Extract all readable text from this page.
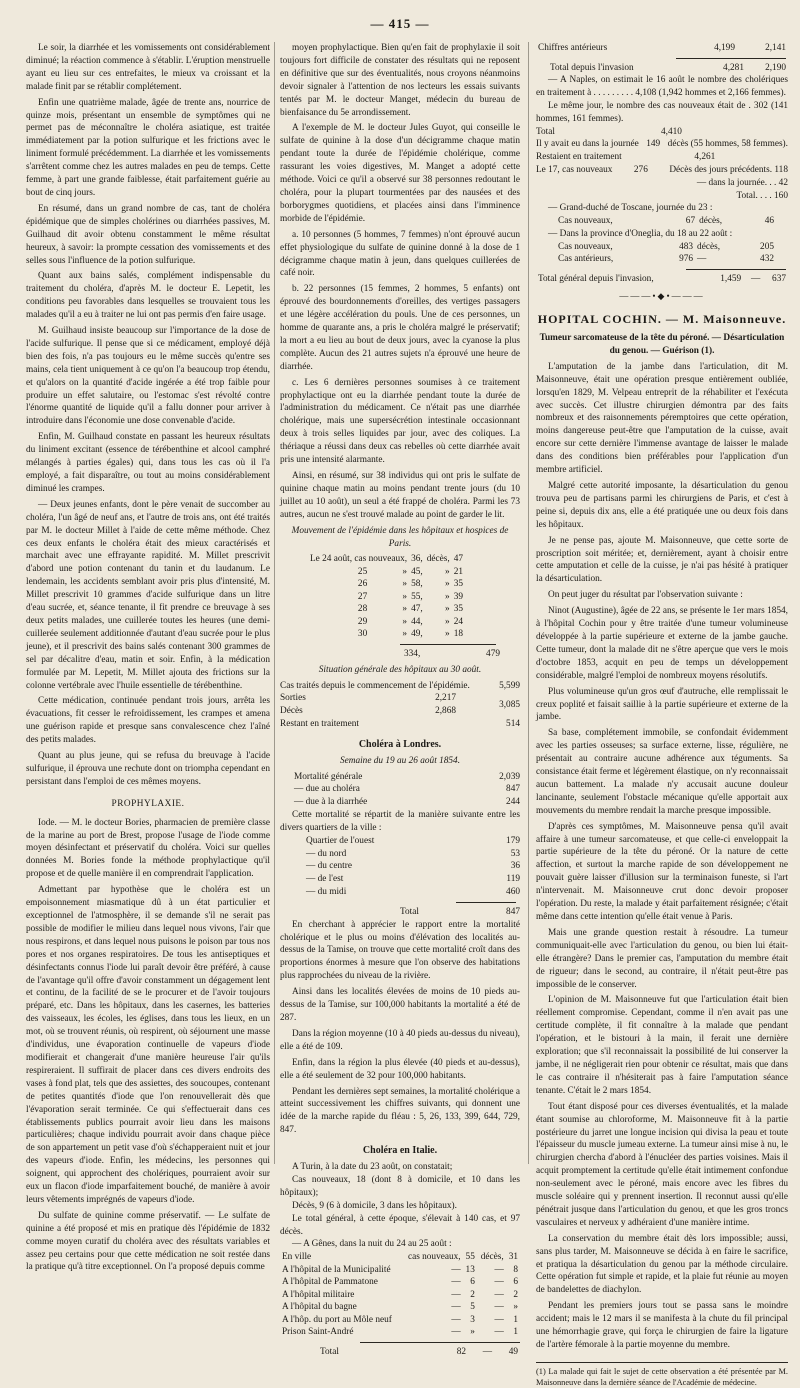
— 415 —

Le soir, la diarrhée et les vomissements ont considérablement diminué; la réaction commence à s'établir. L'éruption menstruelle ayant eu lieu sur ces entrefaites, le mieux va croissant et la malade finit par se rétablir complétement.

Enfin une quatrième malade, âgée de trente ans, nourrice de quinze mois, présentant un ensemble de symptômes qui ne permet pas de méconnaître le choléra asiatique, est traitée immédiatement par la potion sulfurique et les frictions avec le liniment formulé précédemment. La diarrhée et les vomissements s'arrêtent comme chez les autres malades en peu de temps. Cette femme, à part une grande faiblesse, était parfaitement guérie au bout de cinq jours.

En résumé, dans un grand nombre de cas, tant de choléra épidémique que de simples cholérines ou diarrhées passives, M. Guilhaud dit avoir obtenu constamment le même résultat heureux, à savoir: la prompte cessation des vomissements et des selles sous l'influence de la potion sulfurique.

Quant aux bains salés, complément indispensable du traitement du choléra, d'après M. le docteur E. Lepetit, les conditions peu favorables dans lesquelles se trouvaient tous les malades qu'il a eu à traiter ne lui ont pas permis d'en faire usage.

M. Guilhaud insiste beaucoup sur l'importance de la dose de l'acide sulfurique. Il pense que si ce médicament, employé déjà bien des fois, n'a pas toujours eu le même succès qu'entre ses mains, cela tient uniquement à ce qu'on l'a beaucoup trop étendu, et qu'alors on la quantité d'acide ingérée a été trop faible pour produire un effet salutaire, ou l'estomac s'est révolté contre l'énorme quantité de liquide qu'il a fallu donner pour arriver à introduire dans l'économie une dose convenable d'acide.

Enfin, M. Guilhaud constate en passant les heureux résultats du liniment excitant (essence de térébenthine et alcool camphré mélangés à parties égales) qui, dans tous les cas où il l'a employé, a fait disparaître, ou tout au moins considérablement diminué les crampes.

— Deux jeunes enfants, dont le père venait de succomber au choléra, l'un âgé de neuf ans, et l'autre de trois ans, ont été traités par M. le docteur Millet à l'aide de cette même méthode. Chez ces deux enfants le choléra était des mieux caractérisés et marchait avec une effrayante rapidité. M. Millet prescrivit d'abord une potion contenant du tanin et du laudanum. Le lendemain, les accidents semblant avoir pris plus d'intensité, M. Millet prescrivit 10 grammes d'acide sulfurique dans un litre d'eau sucrée, et, séance tenante, il fit prendre ce breuvage à ses deux petits malades, une cuillerée toutes les heures (une demi-cuillerée seulement additionnée d'autant d'eau sucrée pour le plus jeune), et il prescrivit des bains salés contenant 300 grammes de sel par décalitre d'eau, matin et soir. Enfin, à la médication formulée par M. Lepetit, M. Millet ajouta des frictions sur la colonne vertébrale avec l'huile essentielle de térébenthine.

Cette médication, continuée pendant trois jours, arrêta les évacuations, fit cesser le refroidissement, les crampes et amena une guérison rapide et presque sans convalescence chez l'aîné des petits malades.

Quant au plus jeune, qui se refusa du breuvage à l'acide sulfurique, il éprouva une rechute dont on triompha cependant en persistant dans l'emploi de ces mêmes moyens.

PROPHYLAXIE.

Iode. — M. le docteur Bories, pharmacien de première classe de la marine au port de Brest, propose l'usage de l'iode comme moyen désinfectant et préservatif du choléra. Voici sur quelles données M. Bories fonde la méthode prophylactique qu'il propose et de quelle manière il en comprendrait l'application.

Admettant par hypothèse que le choléra est un empoisonnement miasmatique dû à un état particulier et exceptionnel de l'atmosphère, il se demande s'il ne serait pas possible de modifier le milieu dans lequel nous vivons, l'air que nous respirons, et dans lequel nous puisons le poison par tous nos pores et nos organes respiratoires. De tous les antiseptiques et désinfectants connus l'iode lui paraît devoir être préféré, à cause de l'avantage qu'il offre d'avoir constamment un dégagement lent et continu, de la facilité de se le procurer et de l'avoir toujours préparé, etc. Dans les hôpitaux, dans les casernes, les batteries des vaisseaux, les écoles, les églises, dans tous les lieux, en un mot, où se trouvent réunis, où respirent, où séjournent une masse d'individus, une évaporation continuelle de vapeurs d'iode modifierait et changerait d'une manière heureuse l'air qu'ils respireraient. Il suffirait de placer dans ces divers endroits des vases à fond plat, tels que des assiettes, des soucoupes, contenant de petites quantités d'iode que l'on renouvellerait dès que l'évaporation serait terminée. Ce qui s'effectuerait dans ces établissements publics pourrait avoir lieu dans les maisons particulières; chaque individu pourrait avoir dans chaque pièce de son appartement un petit vase d'où s'échapperaient nuit et jour des vapeurs d'iode. Enfin, les médecins, les personnes qui soignent, qui approchent des cholériques, pourraient avoir sur eux un flacon d'iode imparfaitement bouché, de manière à avoir leurs vêtements imprégnés de vapeurs d'iode.

Du sulfate de quinine comme préservatif. — Le sulfate de quinine a été proposé et mis en pratique dès l'épidémie de 1832 comme moyen curatif du choléra avec des résultats variables et assez peu certains pour que cette médication ne soit restée dans la pratique qu'à titre exceptionnel. On l'a proposé depuis comme

moyen prophylactique. Bien qu'en fait de prophylaxie il soit toujours fort difficile de constater des résultats qui ne reposent en définitive que sur des éventualités, nous croyons néanmoins devoir signaler à l'attention de nos lecteurs les essais suivants tentés par M. le docteur Manget, médecin du bureau de bienfaisance du 5e arrondissement.

A l'exemple de M. le docteur Jules Guyot, qui conseille le sulfate de quinine à la dose d'un décigramme chaque matin pendant toute la durée de l'épidémie cholérique, comme rassurant les voies digestives, M. Manget a adopté cette méthode. Voici ce qu'il a observé sur 38 personnes redoutant le choléra, pour la plupart tourmentées par des nausées et des borborygmes quotidiens, et placées ainsi dans l'imminence morbide de l'épidémie.

a. 10 personnes (5 hommes, 7 femmes) n'ont éprouvé aucun effet physiologique du sulfate de quinine donné à la dose de 1 décigramme chaque matin à jeun, dans quelques cuillerées de café noir.

b. 22 personnes (15 femmes, 2 hommes, 5 enfants) ont éprouvé des bourdonnements d'oreilles, des vertiges passagers et une légère accélération du pouls. Une de ces personnes, un homme de quarante ans, a pris le choléra malgré le préservatif; la mort a eu lieu au bout de deux jours, avec la cyanose la plus complète. Aucun des 21 autres sujets n'a éprouvé une heure de diarrhée.

c. Les 6 dernières personnes soumises à ce traitement prophylactique ont eu la diarrhée pendant toute la durée de l'administration du médicament. Ce n'était pas une diarrhée cholérique, mais une supersécrétion intestinale occasionnant deux à trois selles liquides par jour, avec des coliques. La thériaque a réussi dans deux cas rebelles où cette diarrhée avait pris une intensité alarmante.

Ainsi, en résumé, sur 38 individus qui ont pris le sulfate de quinine chaque matin au moins pendant trente jours (du 10 juillet au 10 août), un seul a été frappé de choléra. Parmi les 73 autres, aucun ne s'est trouvé malade au point de garder le lit.

Mouvement de l'épidémie dans les hôpitaux et hospices de Paris.
Le 24 août, cas nouveaux,		36,	décès,	47
25	»	45,	»	21
26	»	58,	»	35
27	»	55,	»	39
28	»	47,	»	35
29	»	44,	»	24
30	»	49,	»	18
334,	479
Situation générale des hôpitaux au 30 août.
Cas traités depuis le commencement de l'épidémie.	5,599
Sorties	2,217
Décès	2,868
3,085
Restant en traitement	514
Choléra à Londres.
Semaine du 19 au 26 août 1854.
Mortalité générale	2,039
— due au choléra	847
— due à la diarrhée	244

Cette mortalité se répartit de la manière suivante entre les divers quartiers de la ville :

Quartier de l'ouest	179
— du nord	53
— du centre	36
— de l'est	119
— du midi	460
Total	847

En cherchant à apprécier le rapport entre la mortalité cholérique et le plus ou moins d'élévation des localités au-dessus de la Tamise, on trouve que cette mortalité croît dans des proportions énormes à mesure que l'on observe des habitations plus rapprochées du niveau de la rivière.

Ainsi dans les localités élevées de moins de 10 pieds au-dessus de la Tamise, sur 100,000 habitants la mortalité a été de 287.

Dans la région moyenne (10 à 40 pieds au-dessus du niveau), elle a été de 109.

Enfin, dans la région la plus élevée (40 pieds et au-dessus), elle a été seulement de 32 pour 100,000 habitants.

Pendant les dernières sept semaines, la mortalité cholérique a atteint successivement les chiffres suivants, qui donnent une idée de la marche rapide du fléau : 5, 26, 133, 399, 644, 729, 847.

Choléra en Italie.

A Turin, à la date du 23 août, on constatait;

Cas nouveaux, 18 (dont 8 à domicile, et 10 dans les hôpitaux);

Décès, 9 (6 à domicile, 3 dans les hôpitaux).

Le total général, à cette époque, s'élevait à 140 cas, et 97 décès.

— A Gênes, dans la nuit du 24 au 25 août :

En ville	cas nouveaux,	55	décès,	31
A l'hôpital de la Municipalité	—	13	—	8
A l'hôpital de Pammatone	—	6	—	6
A l'hôpital militaire	—	2	—	2
A l'hôpital du bagne	—	5	—	»
A l'hôp. du port au Môle neuf	—	3	—	1
Prison Saint-André	—	»	—	1
Total	82	—	49
Chiffres antérieurs	4,199	2,141
Total depuis l'invasion	4,281	2,190

— A Naples, on estimait le 16 août le nombre des cholériques en traitement à . . . . . . . . . 4,108 (1,942 hommes et 2,166 femmes).

Le même jour, le nombre des cas nouveaux était de . 302 (141 hommes, 161 femmes).

Total	4,410
Il y avait eu dans la journée 149 décès (55 hommes, 58 femmes).
Restaient en traitement	4,261
Le 17, cas nouveaux 276 Décès des jours précédents. 118
— dans la journée. . . 42
Total. . . . 160

— Grand-duché de Toscane, journée du 23 :

Cas nouveaux,	67	décès,	46

— Dans la province d'Oneglia, du 18 au 22 août :

Cas nouveaux,	483	décès,	205
Cas antérieurs,	976	—	432
Total général depuis l'invasion,	1,459	—	637
———•◆•———
HOPITAL COCHIN. — M. Maisonneuve.

Tumeur sarcomateuse de la tête du péroné. — Désarticulation du genou. — Guérison (1).

L'amputation de la jambe dans l'articulation, dit M. Maisonneuve, était une opération presque entièrement oubliée, lorsqu'en 1829, M. Velpeau entreprit de la réhabiliter et l'exécuta avec succès. Cet illustre chirurgien démontra par des faits nombreux et des raisonnements péremptoires que cette opération, moins dangereuse peut-être que l'amputation de la cuisse, avait encore sur cette dernière l'immense avantage de laisser le malade dans des conditions bien préférables pour l'application d'un membre artificiel.

Malgré cette autorité imposante, la désarticulation du genou trouva peu de partisans parmi les chirurgiens de Paris, et c'est à peine si, depuis dix ans, elle a été pratiquée une ou deux fois dans les hôpitaux.

Je ne pense pas, ajoute M. Maisonneuve, que cette sorte de proscription soit méritée; et, dernièrement, ayant à choisir entre cette amputation et celle de la cuisse, je n'ai pas hésité à pratiquer la désarticulation.

On peut juger du résultat par l'observation suivante :

Ninot (Augustine), âgée de 22 ans, se présente le 1er mars 1854, à l'hôpital Cochin pour y être traitée d'une tumeur volumineuse développée à la partie supérieure et externe de la jambe gauche. Cette tumeur, dont la malade dit ne s'être aperçue que vers le mois d'octobre 1853, acquit en peu de temps un développement considérable, malgré l'emploi de nombreux moyens résolutifs.

Plus volumineuse qu'un gros œuf d'autruche, elle remplissait le creux poplité et faisait saillie à la partie supérieure et externe de la jambe.

Sa base, complétement immobile, se confondait évidemment avec les parties osseuses; sa surface externe, lisse, régulière, ne présentait au contraire aucune adhérence aux téguments. Sa consistance était ferme et légèrement élastique, on n'y reconnaissait aucun battement. La malade n'y accusait aucune douleur lancinante, seulement l'obstacle mécanique qu'elle apportait aux mouvements du membre rendait la marche presque impossible.

D'après ces symptômes, M. Maisonneuve pensa qu'il avait affaire à une tumeur sarcomateuse, et que celle-ci enveloppait la partie supérieure de la tête du péroné. Or la nature de cette affection, et surtout la marche rapide de son développement ne pouvait guère laisser d'illusion sur la terminaison funeste, si l'art n'intervenait. M. Maisonneuve crut donc devoir proposer l'opération. Du reste, la malade y était parfaitement résignée; c'était même dans cette intention qu'elle était venue à Paris.

Mais une grande question restait à résoudre. La tumeur communiquait-elle avec l'articulation du genou, ou bien lui était-elle étrangère? Dans le premier cas, l'amputation du membre était de rigueur; dans le second, au contraire, il n'était peut-être pas impossible de le conserver.

L'opinion de M. Maisonneuve fut que l'articulation était bien réellement compromise. Cependant, comme il n'en avait pas une certitude complète, il fit connaître à la malade que pendant l'opération, et le bistouri à la main, il ferait une dernière exploration; que s'il reconnaissait la possibilité de lui conserver la jambe, il ne négligerait rien pour obtenir ce résultat, mais que dans le cas contraire il n'hésiterait pas à faire l'amputation séance tenante. C'était le 2 mars 1854.

Tout étant disposé pour ces diverses éventualités, et la malade étant soumise au chloroforme, M. Maisonneuve fit à la partie postérieure du jarret une longue incision qui divisa la peau et toute l'épaisseur du muscle jumeau externe. La tumeur ainsi mise à nu, le chirurgien chercha d'abord à l'énucléer des parties voisines. Mais il acquit promptement la certitude qu'elle était intimement confondue non-seulement avec le péroné, mais encore avec les fibres du muscle soléaire qui y prennent insertion. Il reconnut aussi qu'elle pénétrait jusque dans l'articulation du genou, et que les gros troncs vasculaires et nerveux y adhéraient d'une manière intime.

La conservation du membre était dès lors impossible; aussi, sans plus tarder, M. Maisonneuve se décida à en faire le sacrifice, et pratiqua la désarticulation du genou par la méthode circulaire. Cette opération fut simple et rapide, et la plaie fut réunie au moyen de bandelettes de diachylon.

Pendant les premiers jours tout se passa sans le moindre accident; mais le 12 mars il se manifesta à la chute du fil principal une hémorrhagie grave, qui força le chirurgien de faire la ligature de l'artère fémorale à la partie moyenne du membre.

(1) La malade qui fait le sujet de cette observation a été présentée par M. Maisonneuve dans la dernière séance de l'Académie de médecine.
